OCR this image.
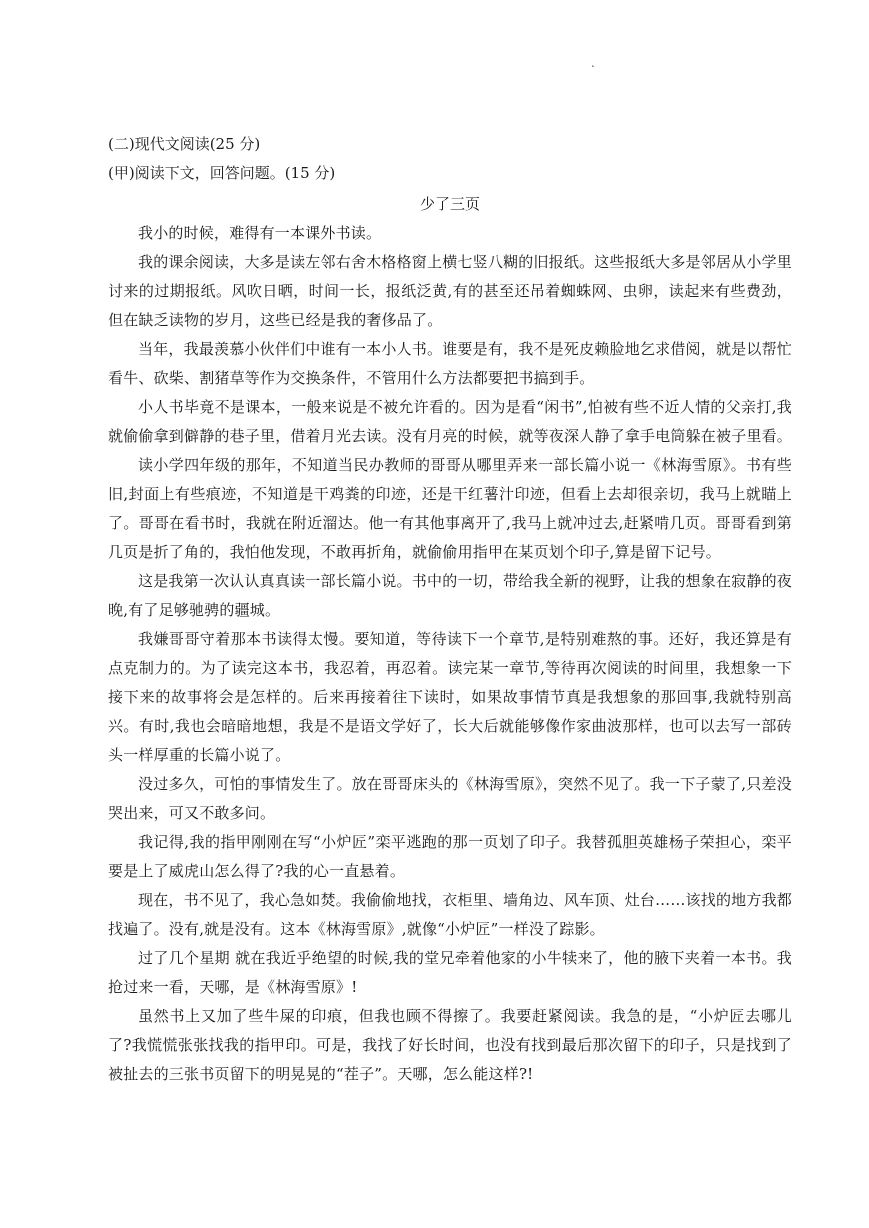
.

(二)现代文阅读(25 分)

(甲)阅读下文，回答问题。(15 分)

少了三页

我小的时候，难得有一本课外书读。

我的课余阅读，大多是读左邻右舍木格格窗上横七竖八糊的旧报纸。这些报纸大多是邻居从小学里讨来的过期报纸。风吹日晒，时间一长，报纸泛黄,有的甚至还吊着蜘蛛网、虫卵，读起来有些费劲，但在缺乏读物的岁月，这些已经是我的奢侈品了。

当年，我最羡慕小伙伴们中谁有一本小人书。谁要是有，我不是死皮赖脸地乞求借阅，就是以帮忙看牛、砍柴、割猪草等作为交换条件，不管用什么方法都要把书搞到手。

小人书毕竟不是课本，一般来说是不被允许看的。因为是看“闲书”,怕被有些不近人情的父亲打,我就偷偷拿到僻静的巷子里，借着月光去读。没有月亮的时候，就等夜深人静了拿手电筒躲在被子里看。

读小学四年级的那年，不知道当民办教师的哥哥从哪里弄来一部长篇小说一《林海雪原》。书有些旧,封面上有些痕迹，不知道是干鸡粪的印迹，还是干红薯汁印迹，但看上去却很亲切，我马上就瞄上了。哥哥在看书时，我就在附近溜达。他一有其他事离开了,我马上就冲过去,赶紧啃几页。哥哥看到第几页是折了角的，我怕他发现，不敢再折角，就偷偷用指甲在某页划个印子,算是留下记号。

这是我第一次认认真真读一部长篇小说。书中的一切，带给我全新的视野，让我的想象在寂静的夜晚,有了足够驰骋的疆城。

我嫌哥哥守着那本书读得太慢。要知道，等待读下一个章节,是特别难熬的事。还好，我还算是有点克制力的。为了读完这本书，我忍着，再忍着。读完某一章节,等待再次阅读的时间里，我想象一下接下来的故事将会是怎样的。后来再接着往下读时，如果故事情节真是我想象的那回事,我就特别高兴。有时,我也会暗暗地想，我是不是语文学好了，长大后就能够像作家曲波那样，也可以去写一部砖头一样厚重的长篇小说了。

没过多久，可怕的事情发生了。放在哥哥床头的《林海雪原》，突然不见了。我一下子蒙了,只差没哭出来，可又不敢多问。

我记得,我的指甲刚刚在写“小炉匠”栾平逃跑的那一页划了印子。我替孤胆英雄杨子荣担心，栾平要是上了威虎山怎么得了?我的心一直悬着。

现在，书不见了，我心急如焚。我偷偷地找，衣柜里、墙角边、风车顶、灶台……该找的地方我都找遍了。没有,就是没有。这本《林海雪原》,就像“小炉匠”一样没了踪影。

过了几个星期 就在我近乎绝望的时候,我的堂兄牵着他家的小牛犊来了，他的腋下夹着一本书。我抢过来一看，天哪，是《林海雪原》!

虽然书上又加了些牛屎的印痕，但我也顾不得擦了。我要赶紧阅读。我急的是，“小炉匠去哪儿了?我慌慌张张找我的指甲印。可是，我找了好长时间，也没有找到最后那次留下的印子，只是找到了被扯去的三张书页留下的明晃晃的“茬子”。天哪，怎么能这样?!
